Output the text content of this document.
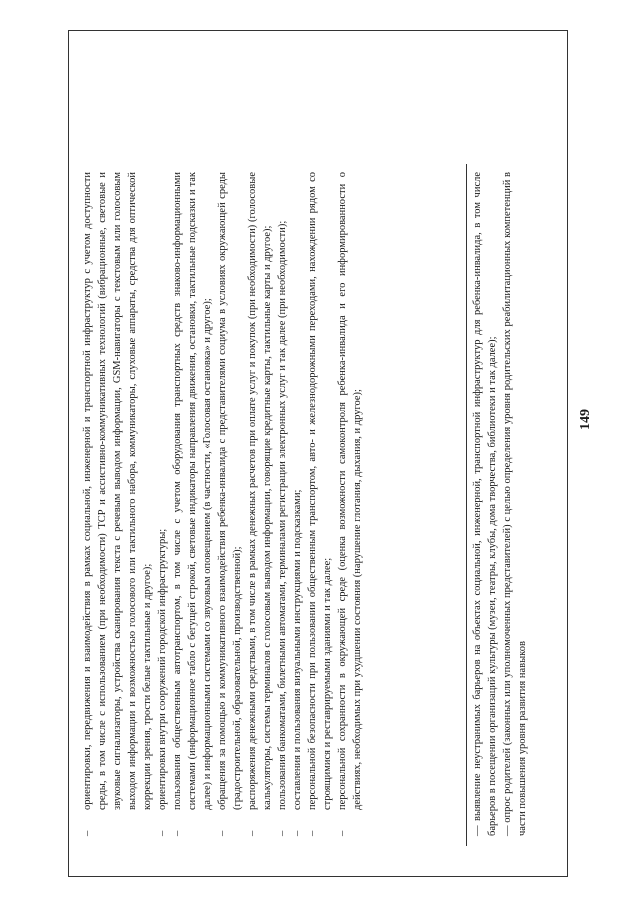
149
–
ориентировки, передвижения и взаимодействия в рамках социальной, инженерной и транспортной инфраструктур с учетом доступности среды, в том числе с использованием (при необходимости) ТСР и ассистивно-коммуникативных технологий (вибрационные, световые и звуковые сигнализаторы, устройства сканирования текста с речевым выводом информации, GSM-навигаторы с текстовым или голосовым выходом информации и возможностью голосового или тактильного набора, коммуникаторы, слуховые аппараты, средства для оптической коррекции зрения, трости белые тактильные и другое);
–
ориентировки внутри сооружений городской инфраструктуры;
–
пользования общественным автотранспортом, в том числе с учетом оборудования транспортных средств знаково-информационными системами (информационное табло с бегущей строкой, световые индикаторы направления движения, остановки, тактильные подсказки и так далее) и информационными системами со звуковым оповещением (в частности, «Голосовая остановка» и другое);
–
обращения за помощью и коммуникативного взаимодействия ребенка-инвалида с представителями социума в условиях окружающей среды (градостроительной, образовательной, производственной);
–
распоряжения денежными средствами, в том числе в рамках денежных расчетов при оплате услуг и покупок (при необходимости) (голосовые калькуляторы, системы терминалов с голосовым выводом информации, говорящие кредитные карты, тактильные карты и другое);
–
пользования банкоматами, билетными автоматами, терминалами регистрации электронных услуг и так далее (при необходимости);
–
составления и пользования визуальными инструкциями и подсказками;
–
персональной безопасности при пользовании общественным транспортом, авто- и железнодорожными переходами, нахождении рядом со строящимися и реставрируемыми зданиями и так далее;
–
персональной сохранности в окружающей среде (оценка возможности самоконтроля ребенка-инвалида и его информированности о действиях, необходимых при ухудшении состояния (нарушение глотания, дыхания, и другое);	— выявление неустранимых барьеров на объектах социальной, инженерной, транспортной инфраструктур для ребенка-инвалида, в том числе барьеров в посещении организаций культуры (музеи, театры, клубы, дома творчества, библиотеки и так далее); — опрос родителей (законных или уполномоченных представителей) с целью определения уровня родительских реабилитационных компетенций в части повышения уровня развития навыков
